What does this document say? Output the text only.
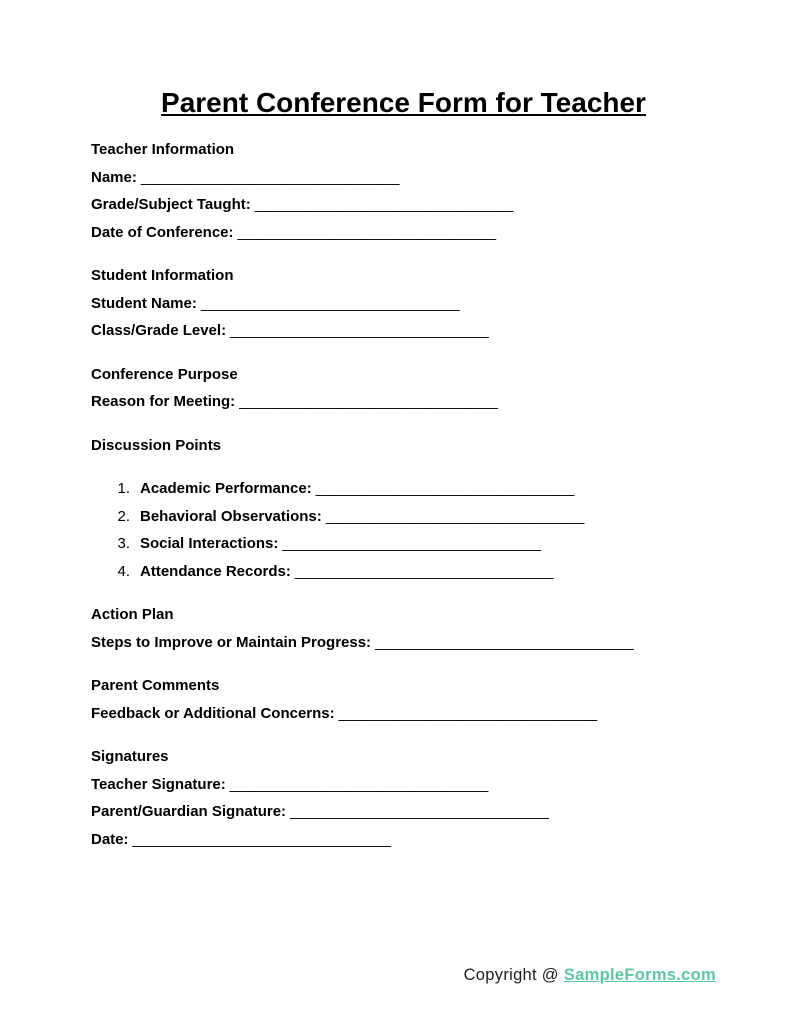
Parent Conference Form for Teacher
Teacher Information
Name: _______________________________
Grade/Subject Taught: _______________________________
Date of Conference: _______________________________
Student Information
Student Name: _______________________________
Class/Grade Level: _______________________________
Conference Purpose
Reason for Meeting: _______________________________
Discussion Points
1. Academic Performance: _______________________________
2. Behavioral Observations: _______________________________
3. Social Interactions: _______________________________
4. Attendance Records: _______________________________
Action Plan
Steps to Improve or Maintain Progress: _______________________________
Parent Comments
Feedback or Additional Concerns: _______________________________
Signatures
Teacher Signature: _______________________________
Parent/Guardian Signature: _______________________________
Date: _______________________________
Copyright @ SampleForms.com
